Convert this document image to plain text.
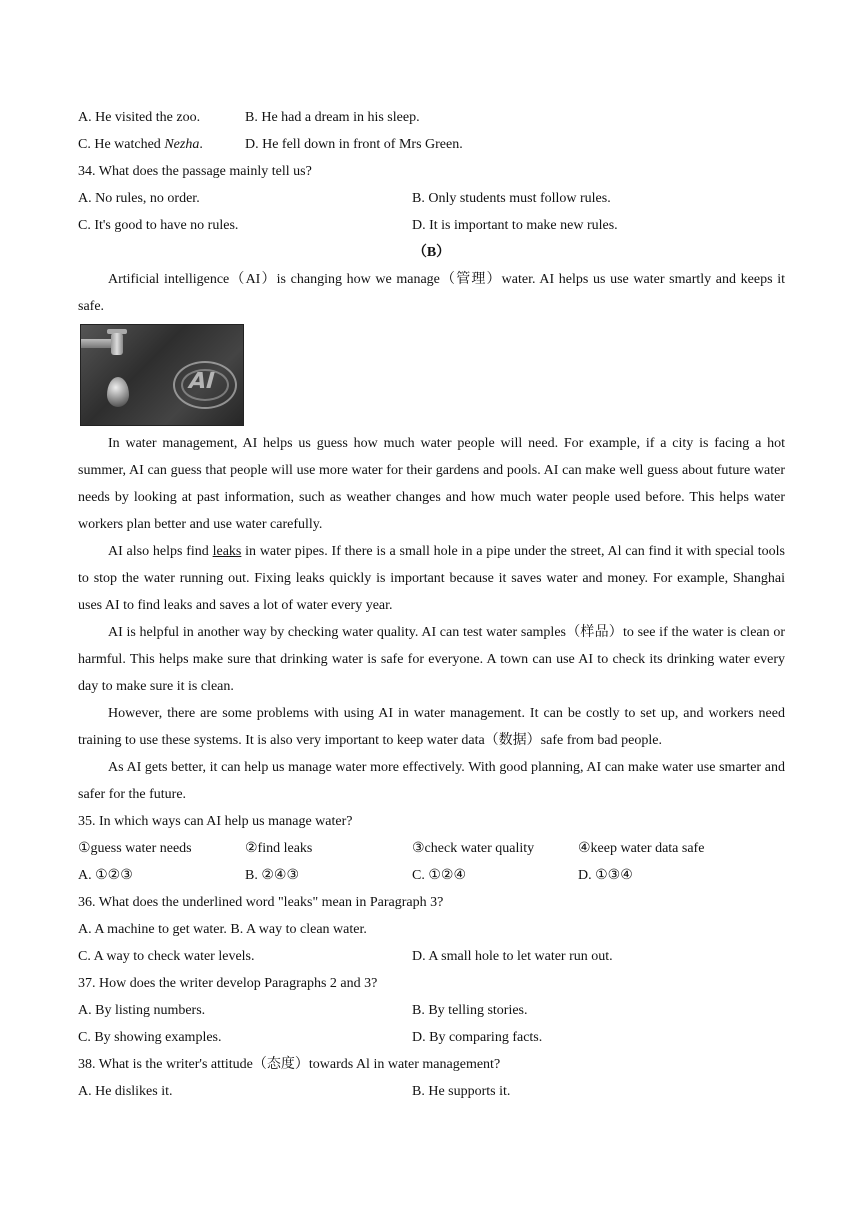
A. He visited the zoo.	B. He had a dream in his sleep.
C. He watched Nezha.	D. He fell down in front of Mrs Green.
34. What does the passage mainly tell us?
A. No rules, no order.	B. Only students must follow rules.
C. It's good to have no rules.	D. It is important to make new rules.
（B）

Artificial intelligence（AI）is changing how we manage（管理）water. AI helps us use water smartly and keeps it safe.

AI

In water management, AI helps us guess how much water people will need. For example, if a city is facing a hot summer, AI can guess that people will use more water for their gardens and pools. AI can make well guess about future water needs by looking at past information, such as weather changes and how much water people used before. This helps water workers plan better and use water carefully.

AI also helps find leaks in water pipes. If there is a small hole in a pipe under the street, Al can find it with special tools to stop the water running out. Fixing leaks quickly is important because it saves water and money. For example, Shanghai uses AI to find leaks and saves a lot of water every year.

AI is helpful in another way by checking water quality. AI can test water samples（样品）to see if the water is clean or harmful. This helps make sure that drinking water is safe for everyone. A town can use AI to check its drinking water every day to make sure it is clean.

However, there are some problems with using AI in water management. It can be costly to set up, and workers need training to use these systems. It is also very important to keep water data（数据）safe from bad people.

As AI gets better, it can help us manage water more effectively. With good planning, AI can make water use smarter and safer for the future.

35. In which ways can AI help us manage water?
①guess water needs	②find leaks	③check water quality	④keep water data safe
A. ①②③	B. ②④③	C. ①②④	D. ①③④
36. What does the underlined word "leaks" mean in Paragraph 3?
A. A machine to get water. B. A way to clean water.
C. A way to check water levels.	D. A small hole to let water run out.
37. How does the writer develop Paragraphs 2 and 3?
A. By listing numbers.	B. By telling stories.
C. By showing examples.	D. By comparing facts.
38. What is the writer's attitude（态度）towards Al in water management?
A. He dislikes it.	B. He supports it.
